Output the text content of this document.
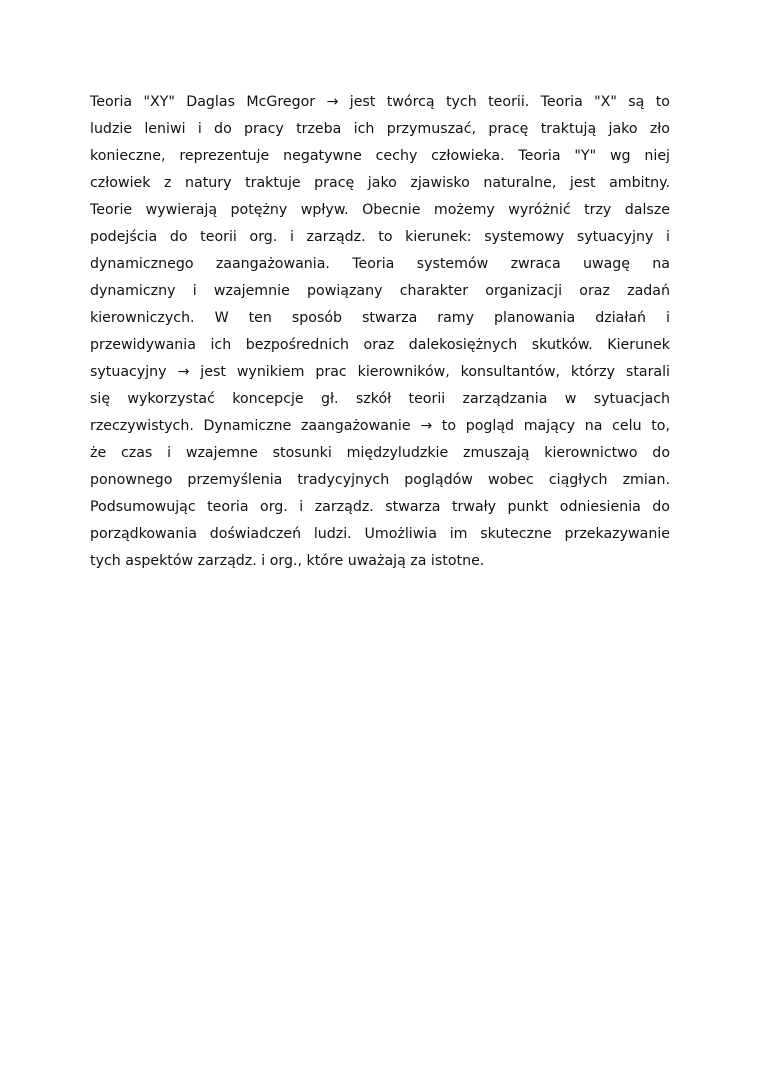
Teoria "XY" Daglas McGregor → jest twórcą tych teorii. Teoria "X" są to
ludzie leniwi i do pracy trzeba ich przymuszać, pracę traktują jako zło
konieczne, reprezentuje negatywne cechy człowieka. Teoria "Y" wg niej
człowiek z natury traktuje pracę jako zjawisko naturalne, jest ambitny.
Teorie wywierają potężny wpływ. Obecnie możemy wyróżnić trzy dalsze
podejścia do teorii org. i zarządz. to kierunek: systemowy sytuacyjny i
dynamicznego zaangażowania. Teoria systemów zwraca uwagę na
dynamiczny i wzajemnie powiązany charakter organizacji oraz zadań
kierowniczych. W ten sposób stwarza ramy planowania działań i
przewidywania ich bezpośrednich oraz dalekosiężnych skutków. Kierunek
sytuacyjny → jest wynikiem prac kierowników, konsultantów, którzy starali
się wykorzystać koncepcje gł. szkół teorii zarządzania w sytuacjach
rzeczywistych. Dynamiczne zaangażowanie → to pogląd mający na celu to,
że czas i wzajemne stosunki międzyludzkie zmuszają kierownictwo do
ponownego przemyślenia tradycyjnych poglądów wobec ciągłych zmian.
Podsumowując teoria org. i zarządz. stwarza trwały punkt odniesienia do
porządkowania doświadczeń ludzi. Umożliwia im skuteczne przekazywanie
tych aspektów zarządz. i org., które uważają za istotne.
